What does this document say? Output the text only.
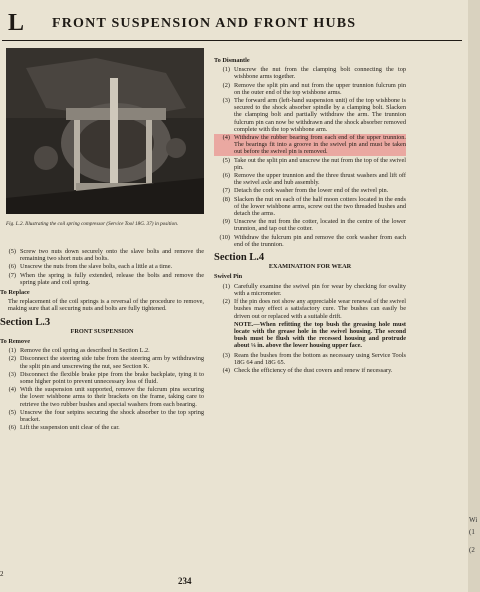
L FRONT SUSPENSION AND FRONT HUBS
Fig. L.2. Illustrating the coil spring compressor (Service Tool 18G. 37) in position.
(5) Screw two nuts down securely onto the slave bolts and remove the remaining two short nuts and bolts.
(6) Unscrew the nuts from the slave bolts, each a little at a time.
(7) When the spring is fully extended, release the bolts and remove the spring plate and coil spring.
To Replace
The replacement of the coil springs is a reversal of the procedure to remove, making sure that all securing nuts and bolts are fully tightened.
Section L.3
FRONT SUSPENSION
To Remove
(1) Remove the coil spring as described in Section L.2.
(2) Disconnect the steering side tube from the steering arm by withdrawing the split pin and unscrewing the nut, see Section K.
(3) Disconnect the flexible brake pipe from the brake backplate, tying it to some higher point to prevent unnecessary loss of fluid.
(4) With the suspension unit supported, remove the fulcrum pins securing the lower wishbone arms to their brackets on the frame, taking care to retrieve the two rubber bushes and special washers from each bearing.
(5) Unscrew the four setpins securing the shock absorber to the top spring bracket.
(6) Lift the suspension unit clear of the car.
2
To Dismantle
(1) Unscrew the nut from the clamping bolt connecting the top wishbone arms together.
(2) Remove the split pin and nut from the upper trunnion fulcrum pin on the outer end of the top wishbone arms.
(3) The forward arm (left-hand suspension unit) of the top wishbone is secured to the shock absorber spindle by a clamping bolt. Slacken the clamping bolt and partially withdraw the arm. The trunnion fulcrum pin can now be withdrawn and the shock absorber removed complete with the top wishbone arm.
(4) Withdraw the rubber bearing from each end of the upper trunnion. The bearings fit into a groove in the swivel pin and must be taken out before the swivel pin is removed.
(5) Take out the split pin and unscrew the nut from the top of the swivel pin.
(6) Remove the upper trunnion and the three thrust washers and lift off the swivel axle and hub assembly.
(7) Detach the cork washer from the lower end of the swivel pin.
(8) Slacken the nut on each of the half moon cotters located in the ends of the lower wishbone arms, screw out the two threaded bushes and detach the arms.
(9) Unscrew the nut from the cotter, located in the centre of the lower trunnion, and tap out the cotter.
(10) Withdraw the fulcrum pin and remove the cork washer from each end of the trunnion.
Section L.4
EXAMINATION FOR WEAR
Swivel Pin
(1) Carefully examine the swivel pin for wear by checking for ovality with a micrometer.
(2) If the pin does not show any appreciable wear renewal of the swivel bushes may effect a satisfactory cure. The bushes can easily be driven out or replaced with a suitable drift.
NOTE.—When refitting the top bush the greasing hole must locate with the grease hole in the swivel housing. The second bush must be flush with the recessed housing and protrude about ⅛ in. above the lower housing upper face.
(3) Ream the bushes from the bottom as necessary using Service Tools 18G 64 and 18G 65.
(4) Check the efficiency of the dust covers and renew if necessary.
234
Wi
(1
(2
